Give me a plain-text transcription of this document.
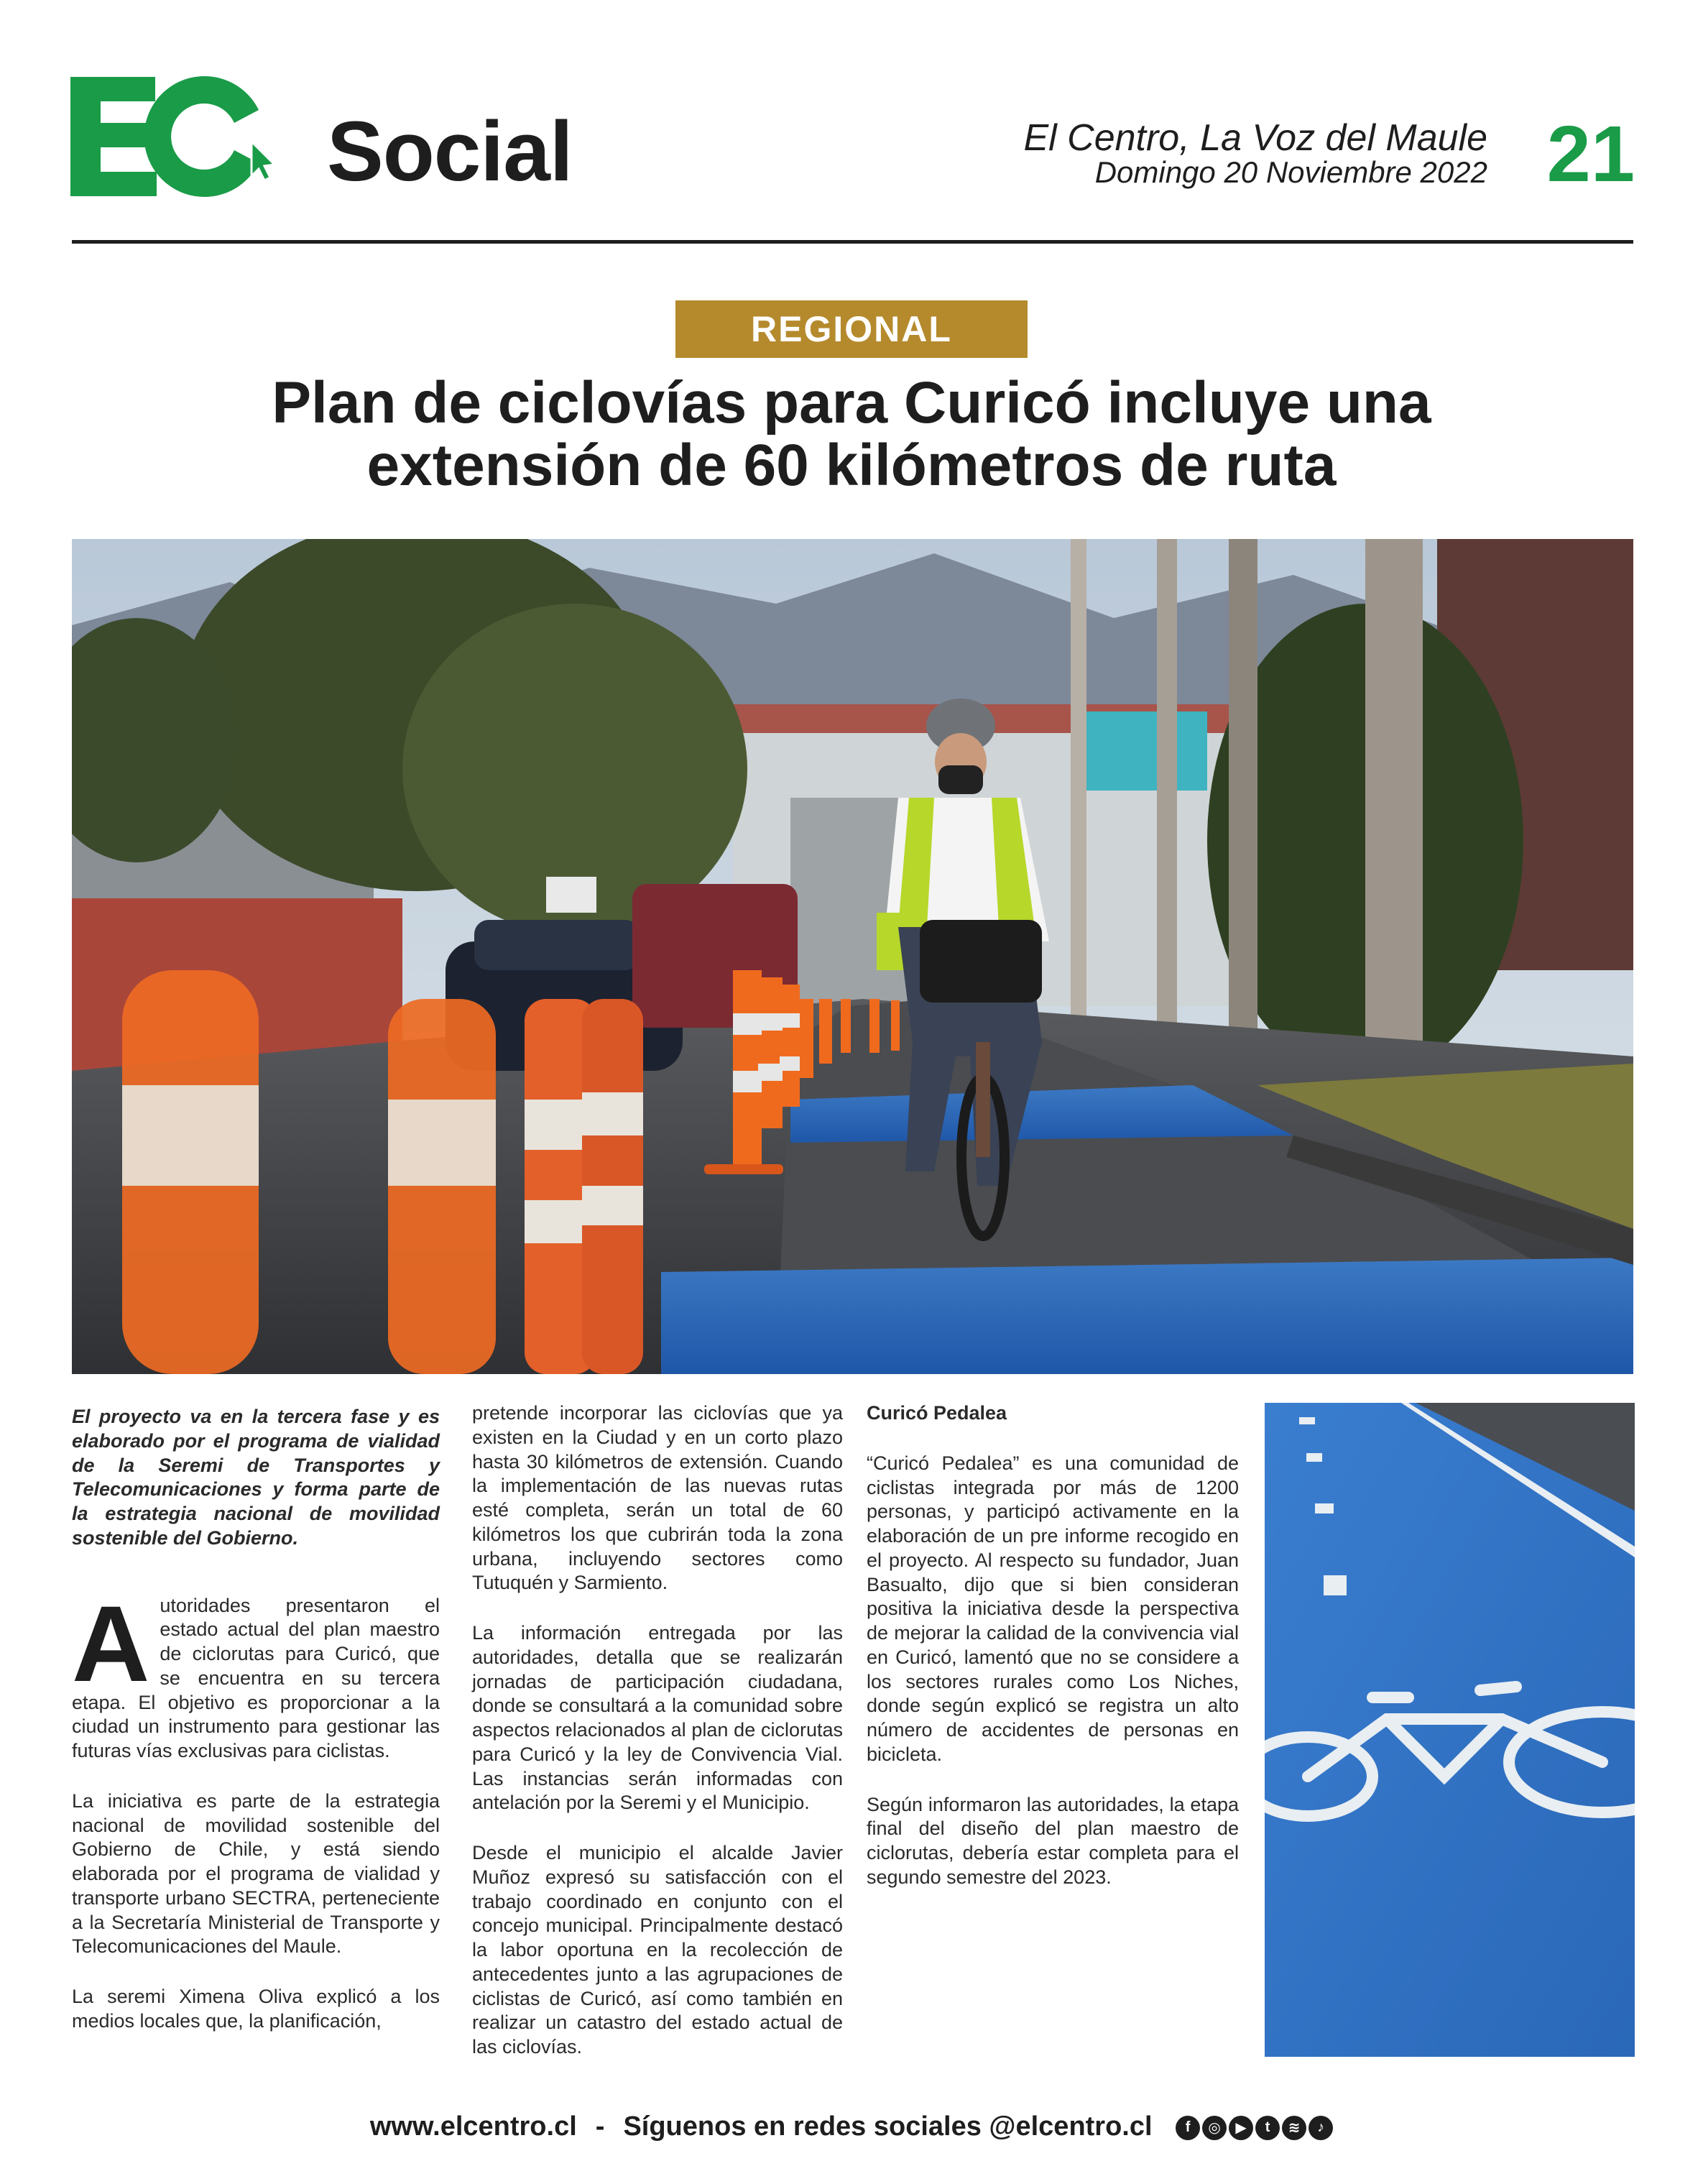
Social	El Centro, La Voz del Maule
Domingo 20 Noviembre 2022 21
REGIONAL
Plan de ciclovías para Curicó incluye una
extensión de 60 kilómetros de ruta

El proyecto va en la tercera fase y es elaborado por el programa de vialidad de la Seremi de Transportes y Telecomunicaciones y forma parte de la estrategia nacional de movilidad sostenible del Gobierno.

Autoridades presentaron el estado actual del plan maestro de ciclorutas para Curicó, que se encuentra en su tercera etapa. El objetivo es proporcionar a la ciudad un instrumento para gestionar las futuras vías exclusivas para ciclistas.

La iniciativa es parte de la estrategia nacional de movilidad sostenible del Gobierno de Chile, y está siendo elaborada por el programa de vialidad y transporte urbano SECTRA, perteneciente a la Secretaría Ministerial de Transporte y Telecomunicaciones del Maule.

La seremi Ximena Oliva explicó a los medios locales que, la planificación,

pretende incorporar las ciclovías que ya existen en la Ciudad y en un corto plazo hasta 30 kilómetros de extensión. Cuando la implementación de las nuevas rutas esté completa, serán un total de 60 kilómetros los que cubrirán toda la zona urbana, incluyendo sectores como Tutuquén y Sarmiento.

La información entregada por las autoridades, detalla que se realizarán jornadas de participación ciudadana, donde se consultará a la comunidad sobre aspectos relacionados al plan de ciclorutas para Curicó y la ley de Convivencia Vial. Las instancias serán informadas con antelación por la Seremi y el Municipio.

Desde el municipio el alcalde Javier Muñoz expresó su satisfacción con el trabajo coordinado en conjunto con el concejo municipal. Principalmente destacó la labor oportuna en la recolección de antecedentes junto a las agrupaciones de ciclistas de Curicó, así como también en realizar un catastro del estado actual de las ciclovías.

Curicó Pedalea

“Curicó Pedalea” es una comunidad de ciclistas integrada por más de 1200 personas, y participó activamente en la elaboración de un pre informe recogido en el proyecto. Al respecto su fundador, Juan Basualto, dijo que si bien consideran positiva la iniciativa desde la perspectiva de mejorar la calidad de la convivencia vial en Curicó, lamentó que no se considere a los sectores rurales como Los Niches, donde según explicó se registra un alto número de accidentes de personas en bicicleta.

Según informaron las autoridades, la etapa final del diseño del plan maestro de ciclorutas, debería estar completa para el segundo semestre del 2023.

www.elcentro.cl - Síguenos en redes sociales @elcentro.cl	f	◎	▶	t	≋	♪
